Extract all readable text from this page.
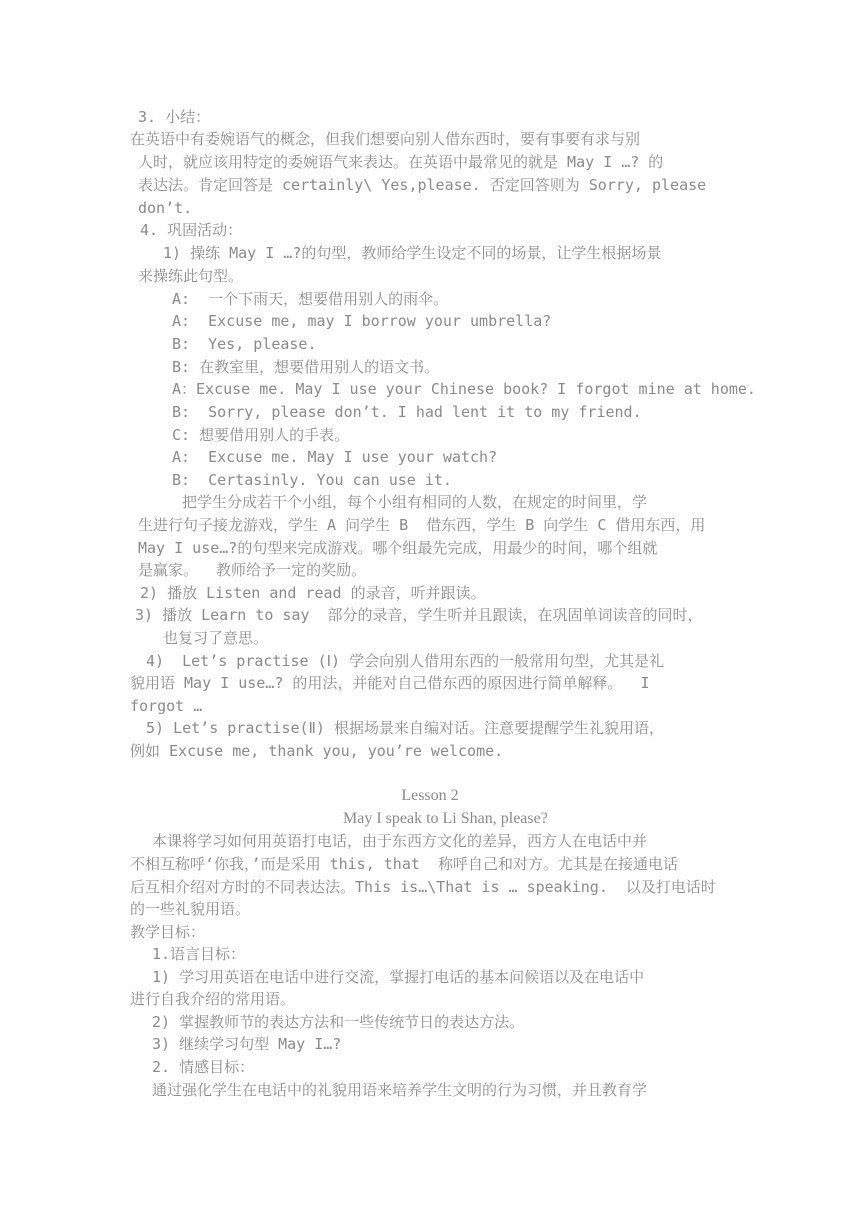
3. 小结：
在英语中有委婉语气的概念，但我们想要向别人借东西时，要有事要有求与别
人时，就应该用特定的委婉语气来表达。在英语中最常见的就是 May I …? 的
表达法。肯定回答是 certainly\ Yes,please. 否定回答则为 Sorry, please
don’t.
4. 巩固活动：
1) 操练 May I …?的句型，教师给学生设定不同的场景，让学生根据场景
来操练此句型。
A:  一个下雨天，想要借用别人的雨伞。
A:  Excuse me, may I borrow your umbrella?
B:  Yes, please.
B: 在教室里，想要借用别人的语文书。
A：Excuse me. May I use your Chinese book? I forgot mine at home.
B:  Sorry, please don’t. I had lent it to my friend.
C: 想要借用别人的手表。
A:  Excuse me. May I use your watch?
B:  Certasinly. You can use it.
把学生分成若干个小组，每个小组有相同的人数，在规定的时间里，学
生进行句子接龙游戏，学生 A 问学生 B  借东西，学生 B 向学生 C 借用东西，用
May I use…?的句型来完成游戏。哪个组最先完成，用最少的时间，哪个组就
是赢家。  教师给予一定的奖励。
2) 播放 Listen and read 的录音，听并跟读。
3) 播放 Learn to say  部分的录音，学生听并且跟读，在巩固单词读音的同时，
也复习了意思。
4)  Let’s practise (Ⅰ) 学会向别人借用东西的一般常用句型，尤其是礼
貌用语 May I use…? 的用法，并能对自己借东西的原因进行简单解释。  I
forgot …
5) Let’s practise(Ⅱ) 根据场景来自编对话。注意要提醒学生礼貌用语，
例如 Excuse me, thank you, you’re welcome.
Lesson 2
May I speak to Li Shan, please?
本课将学习如何用英语打电话，由于东西方文化的差异，西方人在电话中并
不相互称呼‘你我，’而是采用 this, that  称呼自己和对方。尤其是在接通电话
后互相介绍对方时的不同表达法。This is…\That is … speaking.  以及打电话时
的一些礼貌用语。
教学目标：
1.语言目标：
1) 学习用英语在电话中进行交流，掌握打电话的基本问候语以及在电话中
进行自我介绍的常用语。
2) 掌握教师节的表达方法和一些传统节日的表达方法。
3) 继续学习句型 May I…?
2. 情感目标：
通过强化学生在电话中的礼貌用语来培养学生文明的行为习惯，并且教育学
